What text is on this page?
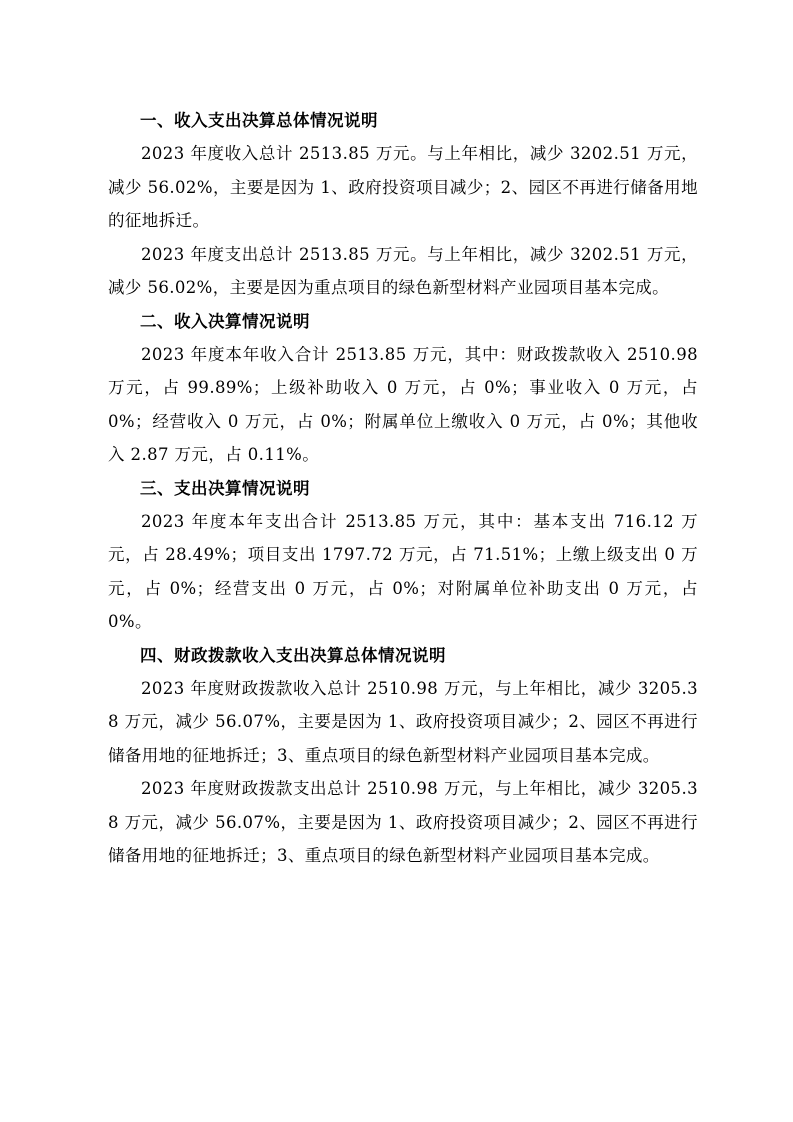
一、收入支出决算总体情况说明

2023 年度收入总计 2513.85 万元。与上年相比，减少 3202.51 万元，减少 56.02%，主要是因为 1、政府投资项目减少；2、园区不再进行储备用地的征地拆迁。

2023 年度支出总计 2513.85 万元。与上年相比，减少 3202.51 万元，减少 56.02%，主要是因为重点项目的绿色新型材料产业园项目基本完成。

二、收入决算情况说明

2023 年度本年收入合计 2513.85 万元，其中：财政拨款收入 2510.98 万元，占 99.89%；上级补助收入 0 万元，占 0%；事业收入 0 万元，占 0%；经营收入 0 万元，占 0%；附属单位上缴收入 0 万元，占 0%；其他收入 2.87 万元，占 0.11%。

三、支出决算情况说明

2023 年度本年支出合计 2513.85 万元，其中：基本支出 716.12 万元，占 28.49%；项目支出 1797.72 万元，占 71.51%；上缴上级支出 0 万元，占 0%；经营支出 0 万元，占 0%；对附属单位补助支出 0 万元，占 0%。

四、财政拨款收入支出决算总体情况说明

2023 年度财政拨款收入总计 2510.98 万元，与上年相比，减少 3205.38 万元，减少 56.07%，主要是因为 1、政府投资项目减少；2、园区不再进行储备用地的征地拆迁；3、重点项目的绿色新型材料产业园项目基本完成。

2023 年度财政拨款支出总计 2510.98 万元，与上年相比，减少 3205.38 万元，减少 56.07%，主要是因为 1、政府投资项目减少；2、园区不再进行储备用地的征地拆迁；3、重点项目的绿色新型材料产业园项目基本完成。
